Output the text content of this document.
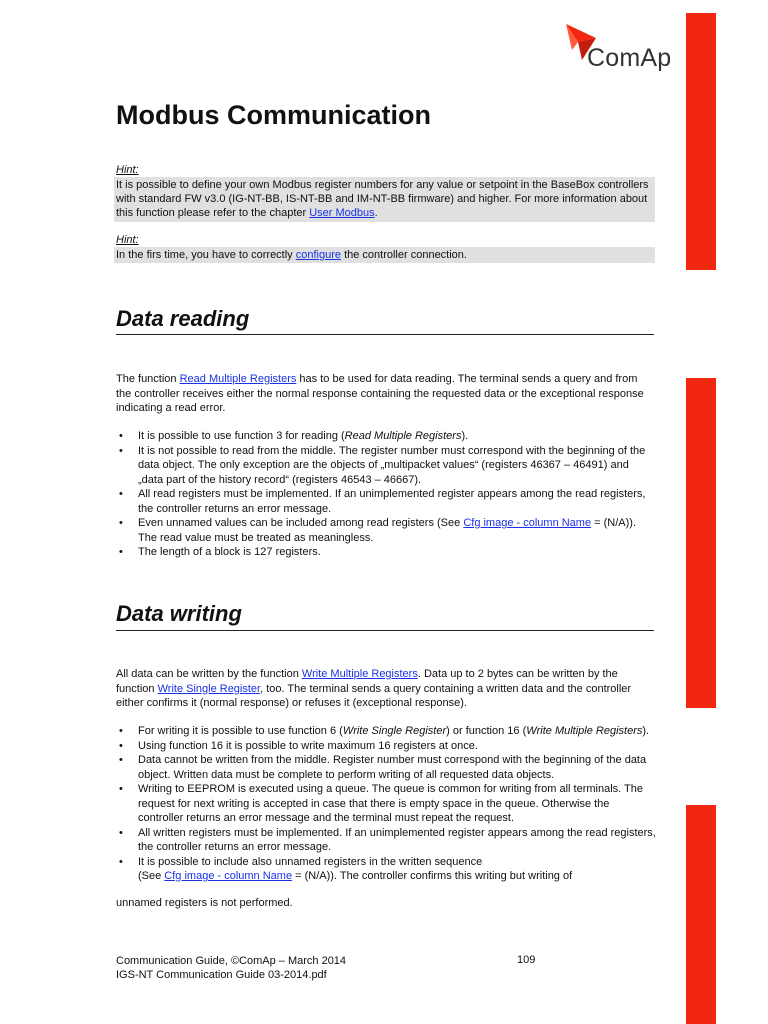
ComAp
Modbus Communication
Hint:
It is possible to define your own Modbus register numbers for any value or setpoint in the BaseBox controllers with standard FW v3.0 (IG-NT-BB, IS-NT-BB and IM-NT-BB firmware) and higher. For more information about this function please refer to the chapter User Modbus.
Hint:
In the firs time, you have to correctly configure the controller connection.
Data reading
The function Read Multiple Registers has to be used for data reading. The terminal sends a query and from the controller receives either the normal response containing the requested data or the exceptional response indicating a read error.
• It is possible to use function 3 for reading (Read Multiple Registers).
• It is not possible to read from the middle. The register number must correspond with the beginning of the data object. The only exception are the objects of „multipacket values“ (registers 46367 – 46491) and „data part of the history record“ (registers 46543 – 46667).
• All read registers must be implemented. If an unimplemented register appears among the read registers, the controller returns an error message.
• Even unnamed values can be included among read registers (See Cfg image - column Name = (N/A)). The read value must be treated as meaningless.
• The length of a block is 127 registers.
Data writing
All data can be written by the function Write Multiple Registers. Data up to 2 bytes can be written by the function Write Single Register, too. The terminal sends a query containing a written data and the controller either confirms it (normal response) or refuses it (exceptional response).
• For writing it is possible to use function 6 (Write Single Register) or function 16 (Write Multiple Registers).
• Using function 16 it is possible to write maximum 16 registers at once.
• Data cannot be written from the middle. Register number must correspond with the beginning of the data object. Written data must be complete to perform writing of all requested data objects.
• Writing to EEPROM is executed using a queue. The queue is common for writing from all terminals. The request for next writing is accepted in case that there is empty space in the queue. Otherwise the controller returns an error message and the terminal must repeat the request.
• All written registers must be implemented. If an unimplemented register appears among the read registers, the controller returns an error message.
• It is possible to include also unnamed registers in the written sequence
(See Cfg image - column Name = (N/A)). The controller confirms this writing but writing of
unnamed registers is not performed.
Communication Guide, ©ComAp – March 2014
IGS-NT Communication Guide 03-2014.pdf
109
